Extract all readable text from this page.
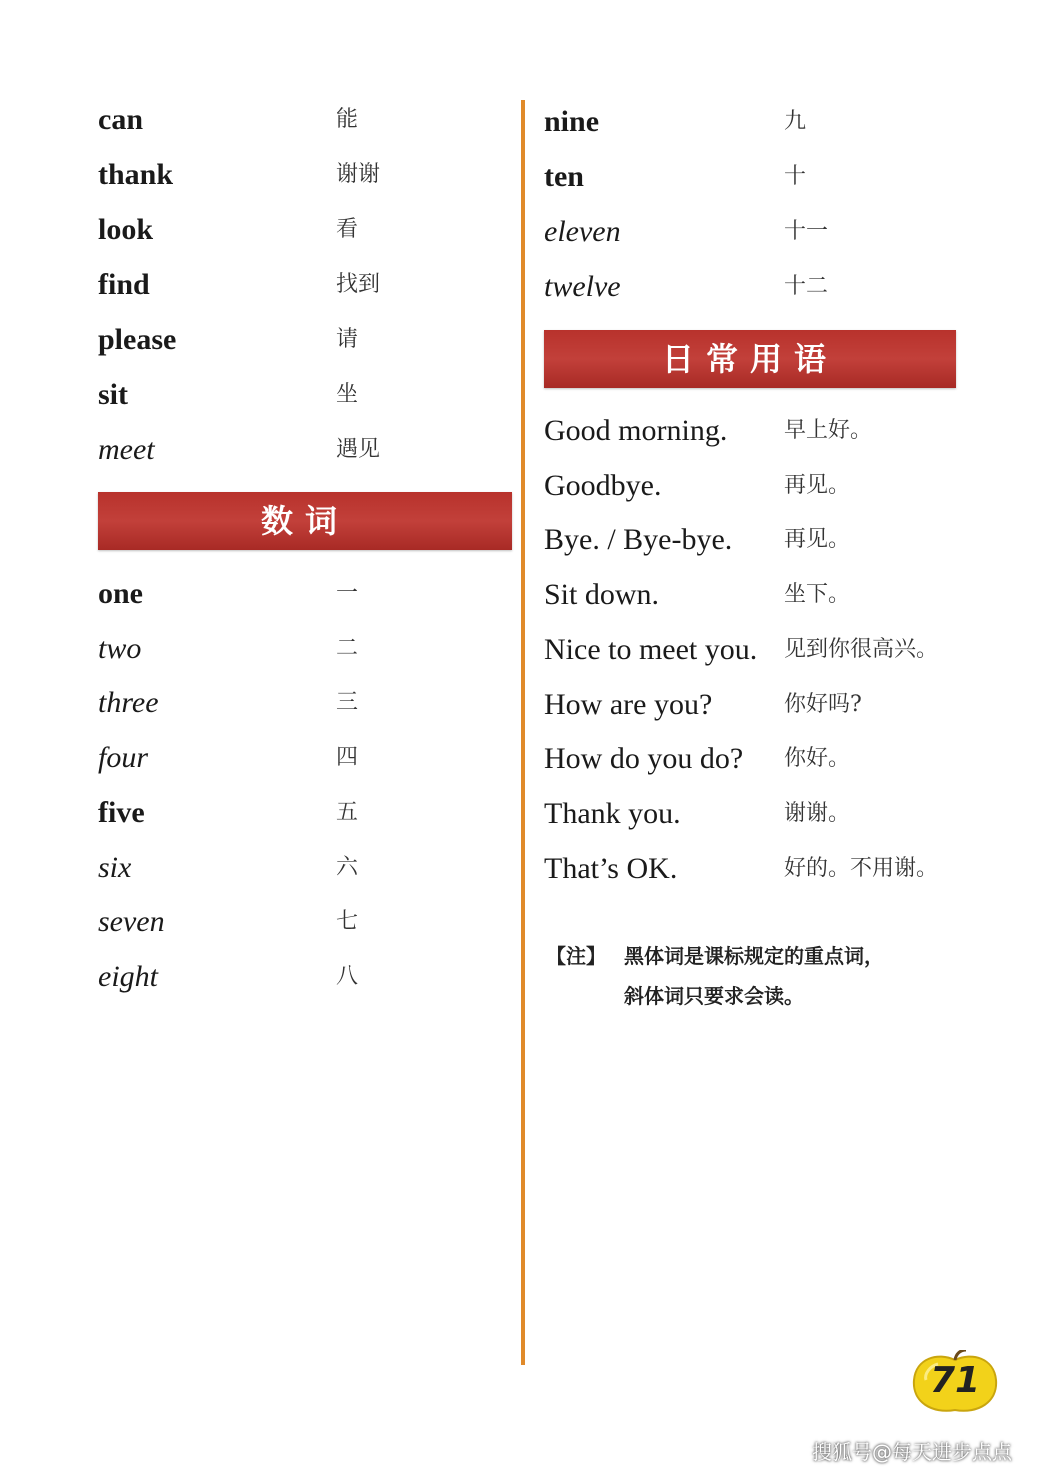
can	能
thank	谢谢
look	看
find	找到
please	请
sit	坐
meet	遇见
数词
one	一
two	二
three	三
four	四
five	五
six	六
seven	七
eight	八
nine	九
ten	十
eleven	十一
twelve	十二
日常用语
Good morning.	早上好。
Goodbye.	再见。
Bye. / Bye-bye. 再见。
Sit down.	坐下。
Nice to meet you. 见到你很高兴。
How are you?	你好吗?
How do you do? 你好。
Thank you.	谢谢。
That’s OK.	好的。不用谢。
【注】 黑体词是课标规定的重点词，
斜体词只要求会读。
71
搜狐号@每天进步点点
